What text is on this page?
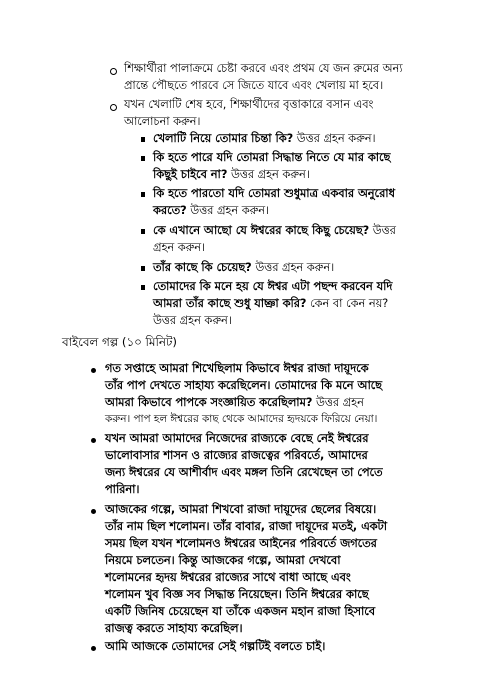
শিক্ষার্থীরা পালাক্রমে চেষ্টা করবে এবং প্রথম যে জন রুমের অন্য
প্রান্তে পৌছতে পারবে সে জিতে যাবে এবং খেলায় মা হবে।
যখন খেলাটি শেষ হবে, শিক্ষার্থীদের বৃত্তাকারে বসান এবং
আলোচনা করুন।
খেলাটি নিয়ে তোমার চিন্তা কি? উত্তর গ্রহন করুন।
কি হতে পারে যদি তোমরা সিদ্ধান্ত নিতে যে মার কাছে
কিছুই চাইবে না? উত্তর গ্রহন করুন।
কি হতে পারতো যদি তোমরা শুধুমাত্র একবার অনুরোধ
করতে? উত্তর গ্রহন করুন।
কে এখানে আছো যে ঈশ্বরের কাছে কিছু চেয়েছ? উত্তর
গ্রহন করুন।
তাঁর কাছে কি চেয়েছ? উত্তর গ্রহন করুন।
তোমাদের কি মনে হয় যে ঈশ্বর এটা পছন্দ করবেন যদি
আমরা তাঁর কাছে শুধু যাচ্ঞা করি? কেন বা কেন নয়?
উত্তর গ্রহন করুন।
বাইবেল গল্প (১০ মিনিট)
গত সপ্তাহে আমরা শিখেছিলাম কিভাবে ঈশ্বর রাজা দায়ূদকে
তাঁর পাপ দেখতে সাহায্য করেছিলেন। তোমাদের কি মনে আছে
আমরা কিভাবে পাপকে সংজ্ঞায়িত করেছিলাম? উত্তর গ্রহন
করুন। পাপ হল ঈশ্বরের কাছ থেকে আমাদের হৃদয়কে ফিরিয়ে নেয়া।
যখন আমরা আমাদের নিজেদের রাজ্যকে বেছে নেই ঈশ্বরের
ভালোবাসার শাসন ও রাজ্যের রাজত্বের পরিবর্তে, আমাদের
জন্য ঈশ্বরের যে আশীর্বাদ এবং মঙ্গল তিনি রেখেছেন তা পেতে
পারিনা।
আজকের গল্পে, আমরা শিখবো রাজা দায়ূদের ছেলের বিষয়ে।
তাঁর নাম ছিল শলোমন। তাঁর বাবার, রাজা দায়ূদের মতই, একটা
সময় ছিল যখন শলোমনও ঈশ্বরের আইনের পরিবর্তে জগতের
নিয়মে চলতেন। কিন্তু আজকের গল্পে, আমরা দেখবো
শলোমনের হৃদয় ঈশ্বরের রাজ্যের সাথে বাধা আছে এবং
শলোমন খুব বিজ্ঞ সব সিদ্ধান্ত নিয়েছেন। তিনি ঈশ্বরের কাছে
একটি জিনিষ চেয়েছেন যা তাঁকে একজন মহান রাজা হিসাবে
রাজত্ব করতে সাহায্য করেছিল।
আমি আজকে তোমাদের সেই গল্পটিই বলতে চাই।
